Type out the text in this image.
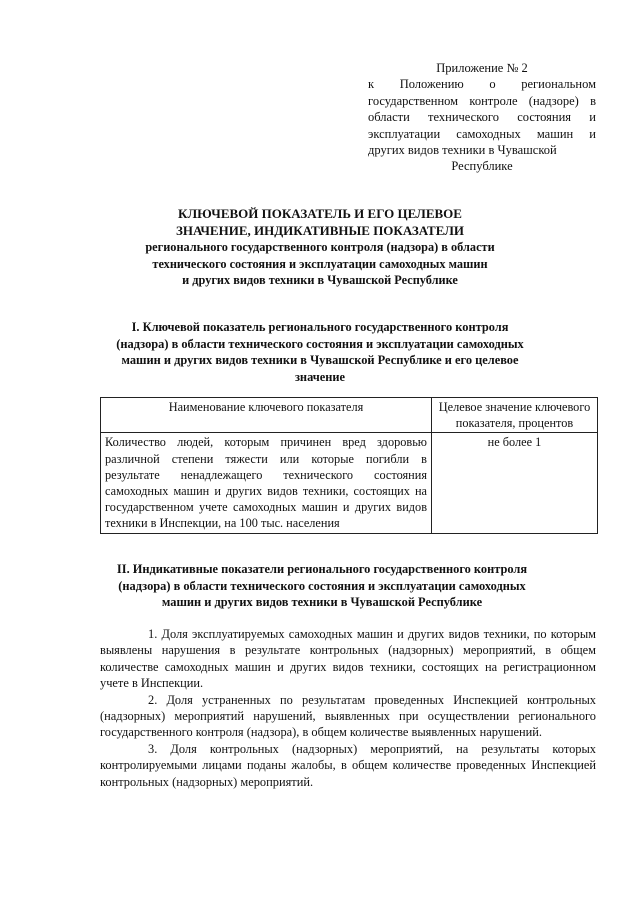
Приложение № 2
к Положению о региональном государственном контроле (надзоре) в области технического состояния и эксплуатации самоходных машин и других видов техники в Чувашской
Республике
КЛЮЧЕВОЙ ПОКАЗАТЕЛЬ И ЕГО ЦЕЛЕВОЕ
ЗНАЧЕНИЕ, ИНДИКАТИВНЫЕ ПОКАЗАТЕЛИ
регионального государственного контроля (надзора) в области
технического состояния и эксплуатации самоходных машин
и других видов техники в Чувашской Республике
I. Ключевой показатель регионального государственного контроля (надзора) в области технического состояния и эксплуатации самоходных машин и других видов техники в Чувашской Республике и его целевое значение
Наименование ключевого показателя	Целевое значение ключевого показателя, процентов
Количество людей, которым причинен вред здоровью различной степени тяжести или которые погибли в результате ненадлежащего технического состояния самоходных машин и других видов техники, состоящих на государственном учете самоходных машин и других видов техники в Инспекции, на 100 тыс. населения	не более 1
II. Индикативные показатели регионального государственного контроля (надзора) в области технического состояния и эксплуатации самоходных машин и других видов техники в Чувашской Республике

1. Доля эксплуатируемых самоходных машин и других видов техники, по которым выявлены нарушения в результате контрольных (надзорных) мероприятий, в общем количестве самоходных машин и других видов техники, состоящих на регистрационном учете в Инспекции.

2. Доля устраненных по результатам проведенных Инспекцией контрольных (надзорных) мероприятий нарушений, выявленных при осуществлении регионального государственного контроля (надзора), в общем количестве выявленных нарушений.

3. Доля контрольных (надзорных) мероприятий, на результаты которых контролируемыми лицами поданы жалобы, в общем количестве проведенных Инспекцией контрольных (надзорных) мероприятий.
